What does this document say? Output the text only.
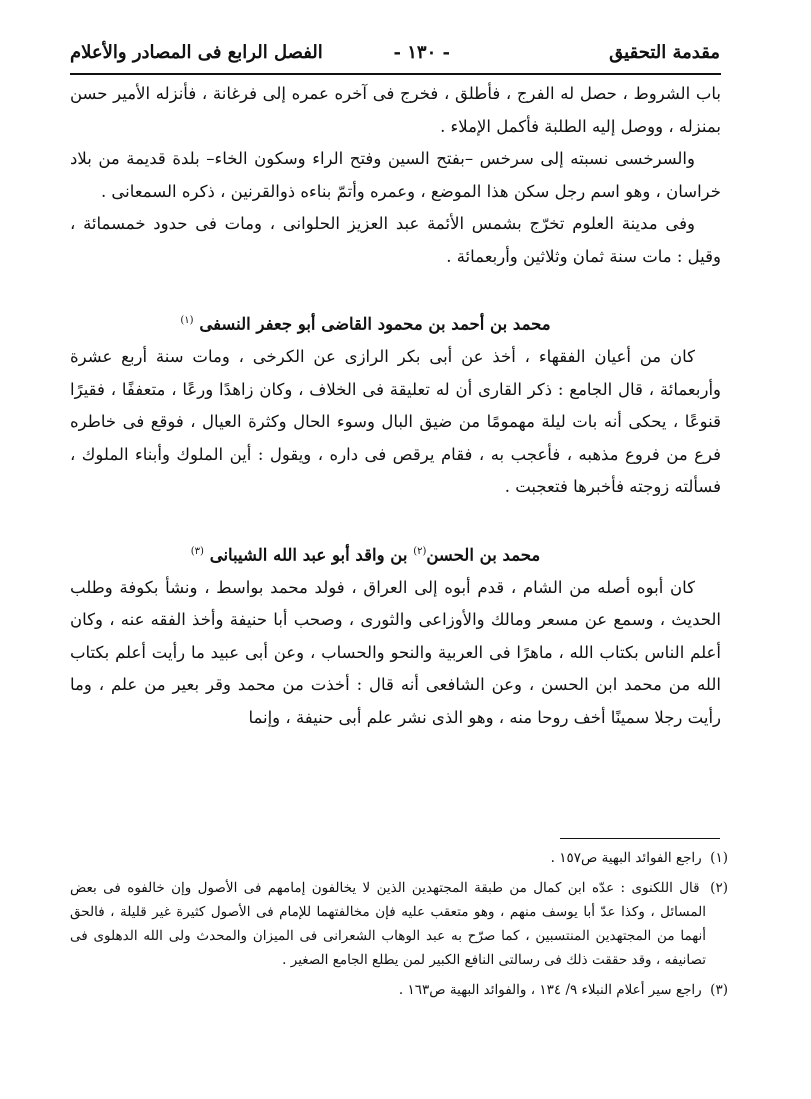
مقدمة التحقيق
- ١٣٠ -
الفصل الرابع فى المصادر والأعلام

باب الشروط ، حصل له الفرج ، فأطلق ، فخرج فى آخره عمره إلى فرغانة ، فأنزله الأمير حسن بمنزله ، ووصل إليه الطلبة فأكمل الإملاء .

والسرخسى نسبته إلى سرخس –بفتح السين وفتح الراء وسكون الخاء– بلدة قديمة من بلاد خراسان ، وهو اسم رجل سكن هذا الموضع ، وعمره وأتمّ بناءه ذوالقرنين ، ذكره السمعانى .

وفى مدينة العلوم تخرّج بشمس الأئمة عبد العزيز الحلوانى ، ومات فى حدود خمسمائة ، وقيل : مات سنة ثمان وثلاثين وأربعمائة .

محمد بن أحمد بن محمود القاضى أبو جعفر النسفى $^{(١)}$

كان من أعيان الفقهاء ، أخذ عن أبى بكر الرازى عن الكرخى ، ومات سنة أربع عشرة وأربعمائة ، قال الجامع : ذكر القارى أن له تعليقة فى الخلاف ، وكان زاهدًا ورعًا ، متعففًا ، فقيرًا قنوعًا ، يحكى أنه بات ليلة مهمومًا من ضيق البال وسوء الحال وكثرة العيال ، فوقع فى خاطره فرع من فروع مذهبه ، فأعجب به ، فقام يرقص فى داره ، ويقول : أين الملوك وأبناء الملوك ، فسألته زوجته فأخبرها فتعجبت .

محمد بن الحسن$^{(٢)}$ بن واقد أبو عبد الله الشيبانى $^{(٣)}$

كان أبوه أصله من الشام ، قدم أبوه إلى العراق ، فولد محمد بواسط ، ونشأ بكوفة وطلب الحديث ، وسمع عن مسعر ومالك والأوزاعى والثورى ، وصحب أبا حنيفة وأخذ الفقه عنه ، وكان أعلم الناس بكتاب الله ، ماهرًا فى العربية والنحو والحساب ، وعن أبى عبيد ما رأيت أعلم بكتاب الله من محمد ابن الحسن ، وعن الشافعى أنه قال : أخذت من محمد وقر بعير من علم ، وما رأيت رجلا سمينًا أخف روحا منه ، وهو الذى نشر علم أبى حنيفة ، وإنما

(١) راجع الفوائد البهية ص١٥٧ .

(٢) قال اللكنوى : عدّه ابن كمال من طبقة المجتهدين الذين لا يخالفون إمامهم فى الأصول وإن خالفوه فى بعض المسائل ، وكذا عدّ أبا يوسف منهم ، وهو متعقب عليه فإن مخالفتهما للإمام فى الأصول كثيرة غير قليلة ، فالحق أنهما من المجتهدين المنتسبين ، كما صرّح به عبد الوهاب الشعرانى فى الميزان والمحدث ولى الله الدهلوى فى تصانيفه ، وقد حققت ذلك فى رسالتى النافع الكبير لمن يطلع الجامع الصغير .

(٣) راجع سير أعلام النبلاء ٩/ ١٣٤ ، والفوائد البهية ص١٦٣ .
